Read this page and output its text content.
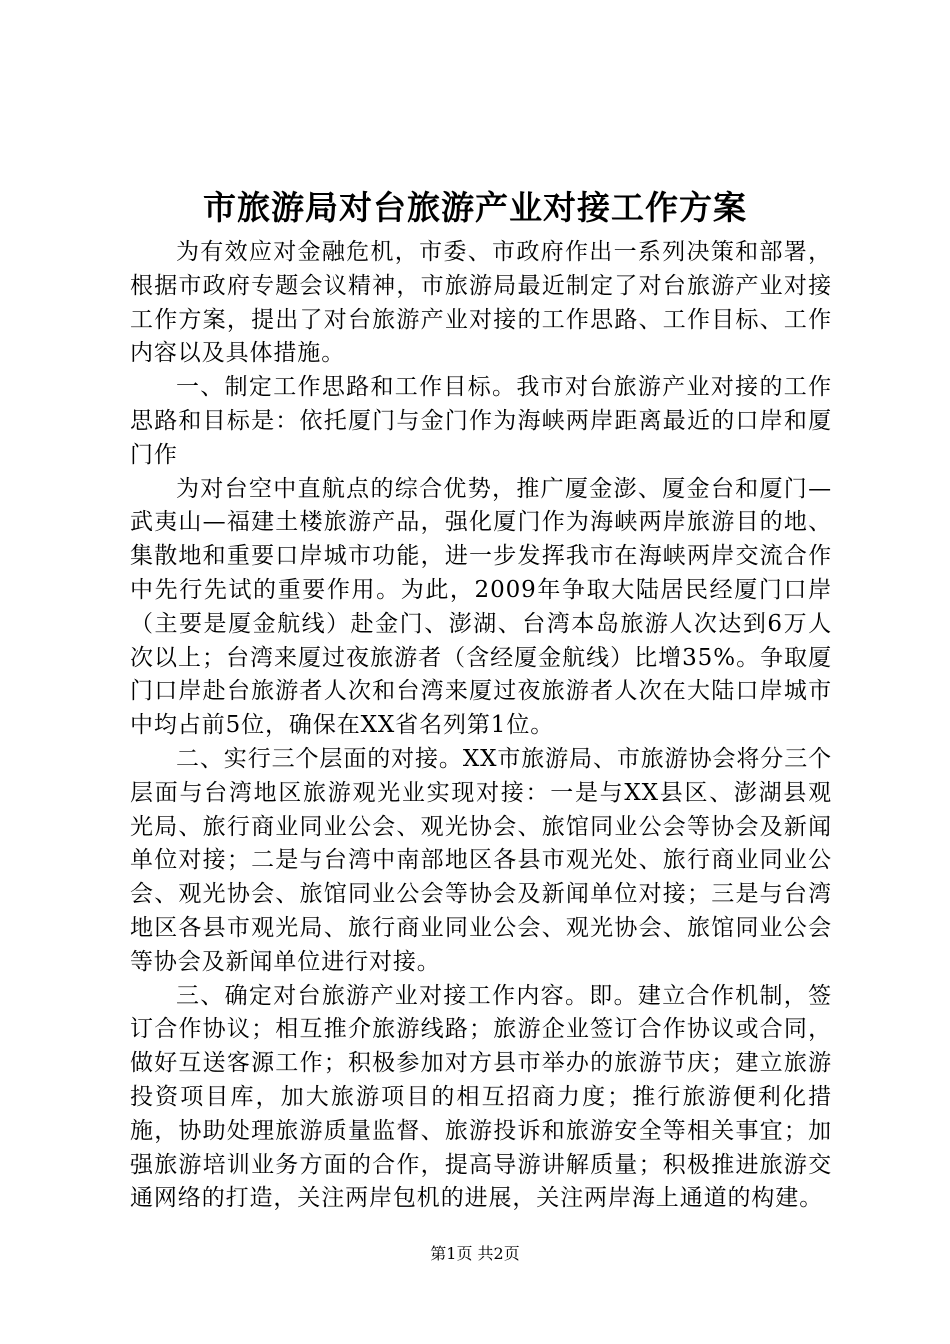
市旅游局对台旅游产业对接工作方案

为有效应对金融危机，市委、市政府作出一系列决策和部署，根据市政府专题会议精神，市旅游局最近制定了对台旅游产业对接工作方案，提出了对台旅游产业对接的工作思路、工作目标、工作内容以及具体措施。

一、制定工作思路和工作目标。我市对台旅游产业对接的工作思路和目标是：依托厦门与金门作为海峡两岸距离最近的口岸和厦门作

为对台空中直航点的综合优势，推广厦金澎、厦金台和厦门—武夷山—福建土楼旅游产品，强化厦门作为海峡两岸旅游目的地、集散地和重要口岸城市功能，进一步发挥我市在海峡两岸交流合作中先行先试的重要作用。为此，2009年争取大陆居民经厦门口岸（主要是厦金航线）赴金门、澎湖、台湾本岛旅游人次达到6万人次以上；台湾来厦过夜旅游者（含经厦金航线）比增35%。争取厦门口岸赴台旅游者人次和台湾来厦过夜旅游者人次在大陆口岸城市中均占前5位，确保在XX省名列第1位。

二、实行三个层面的对接。XX市旅游局、市旅游协会将分三个层面与台湾地区旅游观光业实现对接：一是与XX县区、澎湖县观光局、旅行商业同业公会、观光协会、旅馆同业公会等协会及新闻单位对接；二是与台湾中南部地区各县市观光处、旅行商业同业公会、观光协会、旅馆同业公会等协会及新闻单位对接；三是与台湾地区各县市观光局、旅行商业同业公会、观光协会、旅馆同业公会等协会及新闻单位进行对接。

三、确定对台旅游产业对接工作内容。即。建立合作机制，签订合作协议；相互推介旅游线路；旅游企业签订合作协议或合同，做好互送客源工作；积极参加对方县市举办的旅游节庆；建立旅游投资项目库，加大旅游项目的相互招商力度；推行旅游便利化措施，协助处理旅游质量监督、旅游投诉和旅游安全等相关事宜；加强旅游培训业务方面的合作，提高导游讲解质量；积极推进旅游交通网络的打造，关注两岸包机的进展，关注两岸海上通道的构建。

第1页 共2页
